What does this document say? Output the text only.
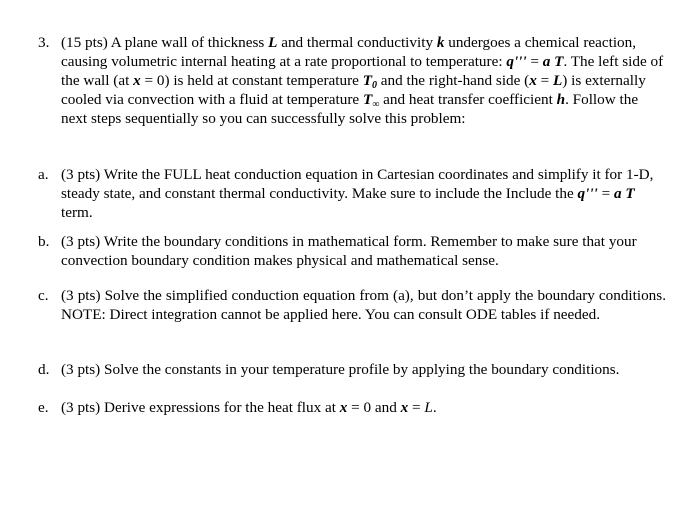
3. (15 pts) A plane wall of thickness L and thermal conductivity k undergoes a chemical reaction, causing volumetric internal heating at a rate proportional to temperature: q''' = a T. The left side of the wall (at x = 0) is held at constant temperature $T_0$ and the right-hand side (x = L) is externally cooled via convection with a fluid at temperature $T_\infty$ and heat transfer coefficient h. Follow the next steps sequentially so you can successfully solve this problem:
a. (3 pts) Write the FULL heat conduction equation in Cartesian coordinates and simplify it for 1-D, steady state, and constant thermal conductivity. Make sure to include the Include the q''' = a T term.
b. (3 pts) Write the boundary conditions in mathematical form. Remember to make sure that your convection boundary condition makes physical and mathematical sense.
c. (3 pts) Solve the simplified conduction equation from (a), but don’t apply the boundary conditions. NOTE: Direct integration cannot be applied here. You can consult ODE tables if needed.
d. (3 pts) Solve the constants in your temperature profile by applying the boundary conditions.
e. (3 pts) Derive expressions for the heat flux at x = 0 and x = L.
